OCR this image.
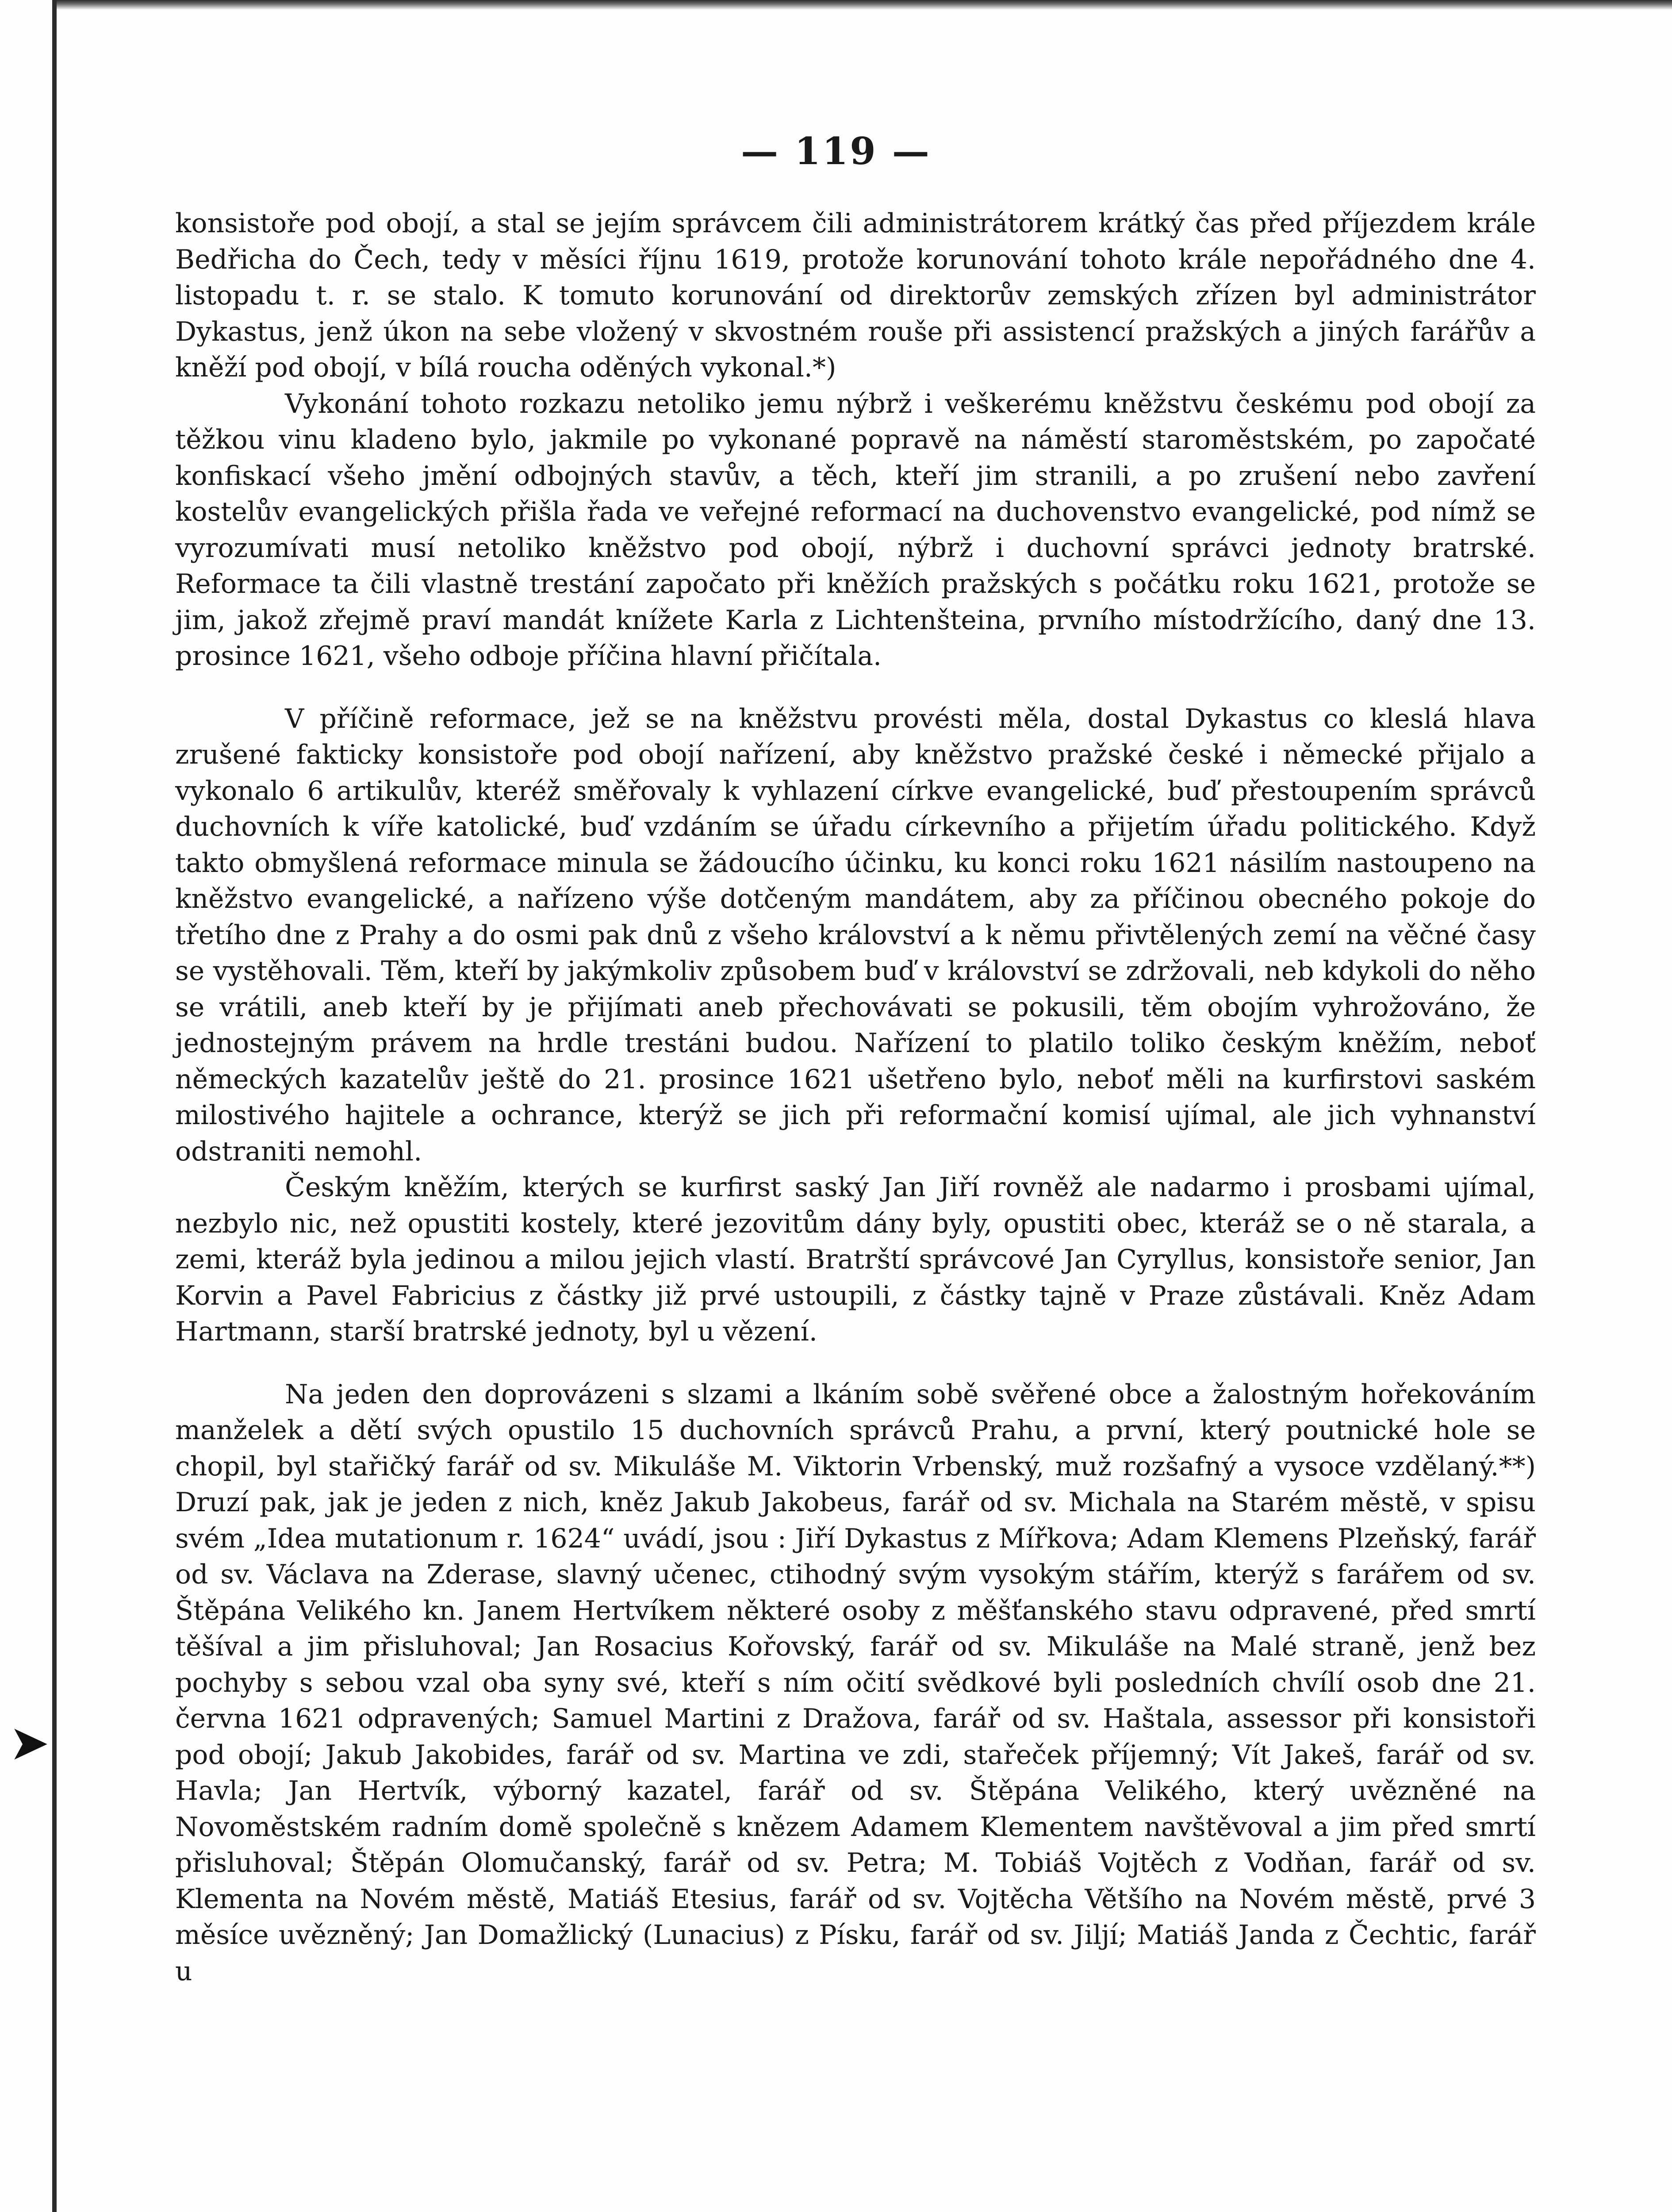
➤
— 119 —

konsistoře pod obojí, a stal se jejím správcem čili administrátorem krátký čas před příjezdem krále Bedřicha do Čech, tedy v měsíci říjnu 1619, protože korunování tohoto krále nepořádného dne 4. listopadu t. r. se stalo. K tomuto korunování od direktorův zemských zřízen byl administrátor Dykastus, jenž úkon na sebe vložený v skvostném rouše při assistencí pražských a jiných farářův a kněží pod obojí, v bílá roucha oděných vykonal.*)

Vykonání tohoto rozkazu netoliko jemu nýbrž i veškerému kněžstvu českému pod obojí za těžkou vinu kladeno bylo, jakmile po vykonané popravě na náměstí staroměstském, po započaté konfiskací všeho jmění odbojných stavův, a těch, kteří jim stranili, a po zrušení nebo zavření kostelův evangelických přišla řada ve veřejné reformací na duchovenstvo evangelické, pod nímž se vyrozumívati musí netoliko kněžstvo pod obojí, nýbrž i duchovní správci jednoty bratrské. Reformace ta čili vlastně trestání započato při kněžích pražských s počátku roku 1621, protože se jim, jakož zřejmě praví mandát knížete Karla z Lichtenšteina, prvního místodržícího, daný dne 13. prosince 1621, všeho odboje příčina hlavní přičítala.

V příčině reformace, jež se na kněžstvu provésti měla, dostal Dykastus co kleslá hlava zrušené fakticky konsistoře pod obojí nařízení, aby kněžstvo pražské české i německé přijalo a vykonalo 6 artikulův, kteréž směřovaly k vyhlazení církve evangelické, buď přestoupením správců duchovních k víře katolické, buď vzdáním se úřadu církevního a přijetím úřadu politického. Když takto obmyšlená reformace minula se žádoucího účinku, ku konci roku 1621 násilím nastoupeno na kněžstvo evangelické, a nařízeno výše dotčeným mandátem, aby za příčinou obecného pokoje do třetího dne z Prahy a do osmi pak dnů z všeho království a k němu přivtělených zemí na věčné časy se vystěhovali. Těm, kteří by jakýmkoliv způsobem buď v království se zdržovali, neb kdykoli do něho se vrátili, aneb kteří by je přijímati aneb přechovávati se pokusili, těm obojím vyhrožováno, že jednostejným právem na hrdle trestáni budou. Nařízení to platilo toliko českým kněžím, neboť německých kazatelův ještě do 21. prosince 1621 ušetřeno bylo, neboť měli na kurfirstovi saském milostivého hajitele a ochrance, kterýž se jich při reformační komisí ujímal, ale jich vyhnanství odstraniti nemohl.

Českým kněžím, kterých se kurfirst saský Jan Jiří rovněž ale nadarmo i prosbami ujímal, nezbylo nic, než opustiti kostely, které jezovitům dány byly, opustiti obec, kteráž se o ně starala, a zemi, kteráž byla jedinou a milou jejich vlastí. Bratrští správcové Jan Cyryllus, konsistoře senior, Jan Korvin a Pavel Fabricius z částky již prvé ustoupili, z částky tajně v Praze zůstávali. Kněz Adam Hartmann, starší bratrské jednoty, byl u vězení.

Na jeden den doprovázeni s slzami a lkáním sobě svěřené obce a žalostným hořekováním manželek a dětí svých opustilo 15 duchovních správců Prahu, a první, který poutnické hole se chopil, byl stařičký farář od sv. Mikuláše M. Viktorin Vrbenský, muž rozšafný a vysoce vzdělaný.**) Druzí pak, jak je jeden z nich, kněz Jakub Jakobeus, farář od sv. Michala na Starém městě, v spisu svém „Idea mutationum r. 1624“ uvádí, jsou : Jiří Dykastus z Mířkova; Adam Klemens Plzeňský, farář od sv. Václava na Zderase, slavný učenec, ctihodný svým vysokým stářím, kterýž s farářem od sv. Štěpána Velikého kn. Janem Hertvíkem některé osoby z měšťanského stavu odpravené, před smrtí těšíval a jim přisluhoval; Jan Rosacius Kořovský, farář od sv. Mikuláše na Malé straně, jenž bez pochyby s sebou vzal oba syny své, kteří s ním očití svědkové byli posledních chvílí osob dne 21. června 1621 odpravených; Samuel Martini z Dražova, farář od sv. Haštala, assessor při konsistoři pod obojí; Jakub Jakobides, farář od sv. Martina ve zdi, stařeček příjemný; Vít Jakeš, farář od sv. Havla; Jan Hertvík, výborný kazatel, farář od sv. Štěpána Velikého, který uvězněné na Novoměstském radním domě společně s knězem Adamem Klementem navštěvoval a jim před smrtí přisluhoval; Štěpán Olomučanský, farář od sv. Petra; M. Tobiáš Vojtěch z Vodňan, farář od sv. Klementa na Novém městě, Matiáš Etesius, farář od sv. Vojtěcha Většího na Novém městě, prvé 3 měsíce uvězněný; Jan Domažlický (Lunacius) z Písku, farář od sv. Jiljí; Matiáš Janda z Čechtic, farář u
